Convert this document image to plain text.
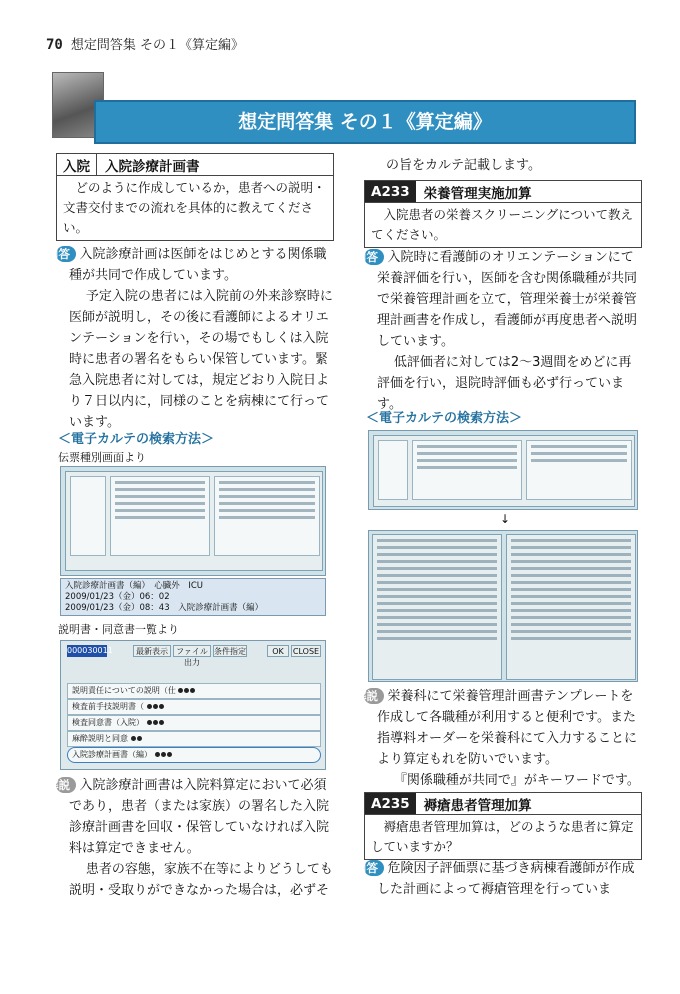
70 想定問答集 その１《算定編》
想定問答集 その１《算定編》
入院	入院診療計画書
どのように作成しているか，患者への説明・文書交付までの流れを具体的に教えてください。
回答 入院診療計画は医師をはじめとする関係職種が共同で作成しています。
予定入院の患者には入院前の外来診察時に医師が説明し，その後に看護師によるオリエンテーションを行い，その場でもしくは入院時に患者の署名をもらい保管しています。緊急入院患者に対しては，規定どおり入院日より７日以内に，同様のことを病棟にて行っています。
＜電子カルテの検索方法＞
伝票種別画面より
入院診療計画書（編）　 心臓外　 ICU
2009/01/23（金）06：02
2009/01/23（金）08：43　 入院診療計画書（編）
説明書・同意書一覧より
000030011	最新表示	ファイル出力
条件指定	OK	CLOSE
説明責任についての説明（仕
検査前手技説明書（
検査同意書（入院）
麻酔説明と同意
入院診療計画書（編）
解説 入院診療計画書は入院料算定において必須であり，患者（または家族）の署名した入院診療計画書を回収・保管していなければ入院料は算定できません。
患者の容態，家族不在等によりどうしても説明・受取りができなかった場合は，必ずそ
の旨をカルテ記載します。
A233	栄養管理実施加算
入院患者の栄養スクリーニングについて教えてください。
回答 入院時に看護師のオリエンテーションにて栄養評価を行い，医師を含む関係職種が共同で栄養管理計画を立て，管理栄養士が栄養管理計画書を作成し，看護師が再度患者へ説明しています。
低評価者に対しては2～3週間をめどに再評価を行い，退院時評価も必ず行っています。
＜電子カルテの検索方法＞
↓
解説 栄養科にて栄養管理計画書テンプレートを作成して各職種が利用すると便利です。また指導料オーダーを栄養科にて入力することにより算定もれを防いでいます。
『関係職種が共同で』がキーワードです。
A235	褥瘡患者管理加算
褥瘡患者管理加算は，どのような患者に算定していますか？
回答 危険因子評価票に基づき病棟看護師が作成した計画によって褥瘡管理を行っていま
